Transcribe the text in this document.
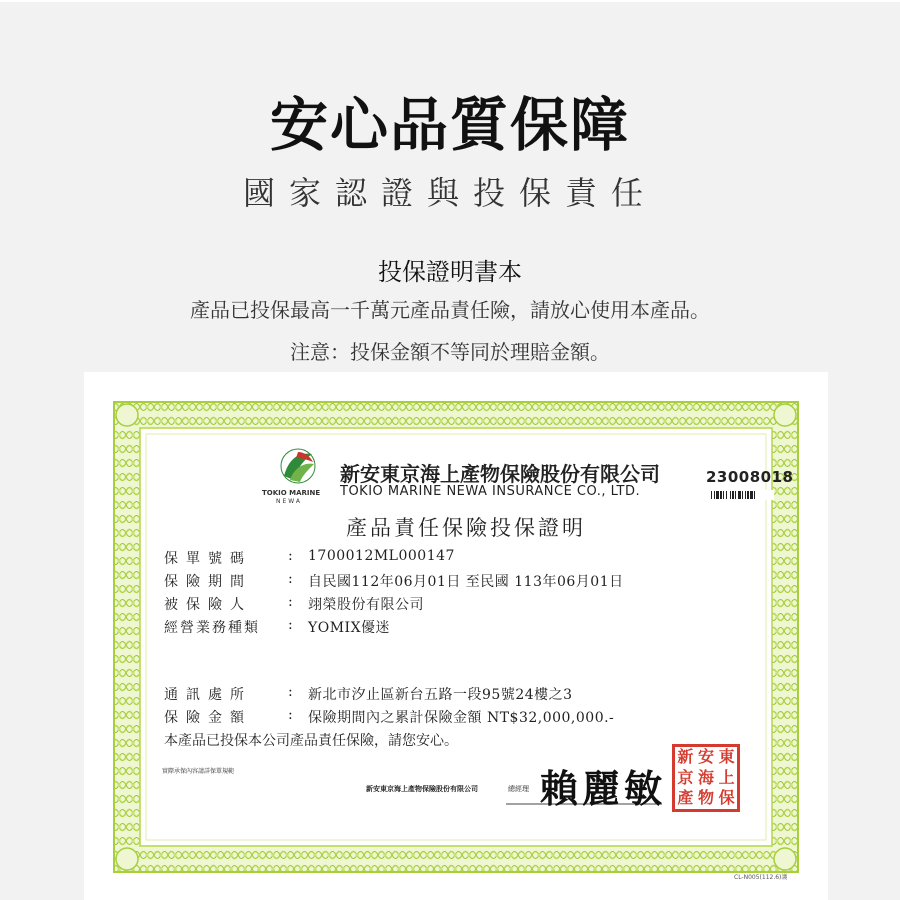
安心品質保障
國家認證與投保責任
投保證明書本
產品已投保最高一千萬元產品責任險，請放心使用本產品。
注意：投保金額不等同於理賠金額。
TOKIO MARINE
NEWA
新安東京海上產物保險股份有限公司
TOKIO MARINE NEWA INSURANCE CO., LTD.
23008018
產品責任保險投保證明
保單號碼	: 1700012ML000147
保險期間	: 自民國112年06月01日 至民國 113年06月01日
被保險人	: 翊榮股份有限公司
經營業務種類	: YOMIX優迷
通訊處所	: 新北市汐止區新台五路一段95號24樓之3
保險金額	: 保險期間內之累計保險金額 NT$32,000,000.-
本產品已投保本公司產品責任保險，請您安心。
實際承保內容請詳保單規範
新安東京海上產物保險股份有限公司	總經理 賴麗敏
新 安 東
京 海 上
產 物 保
CL-N005(112.6)護
